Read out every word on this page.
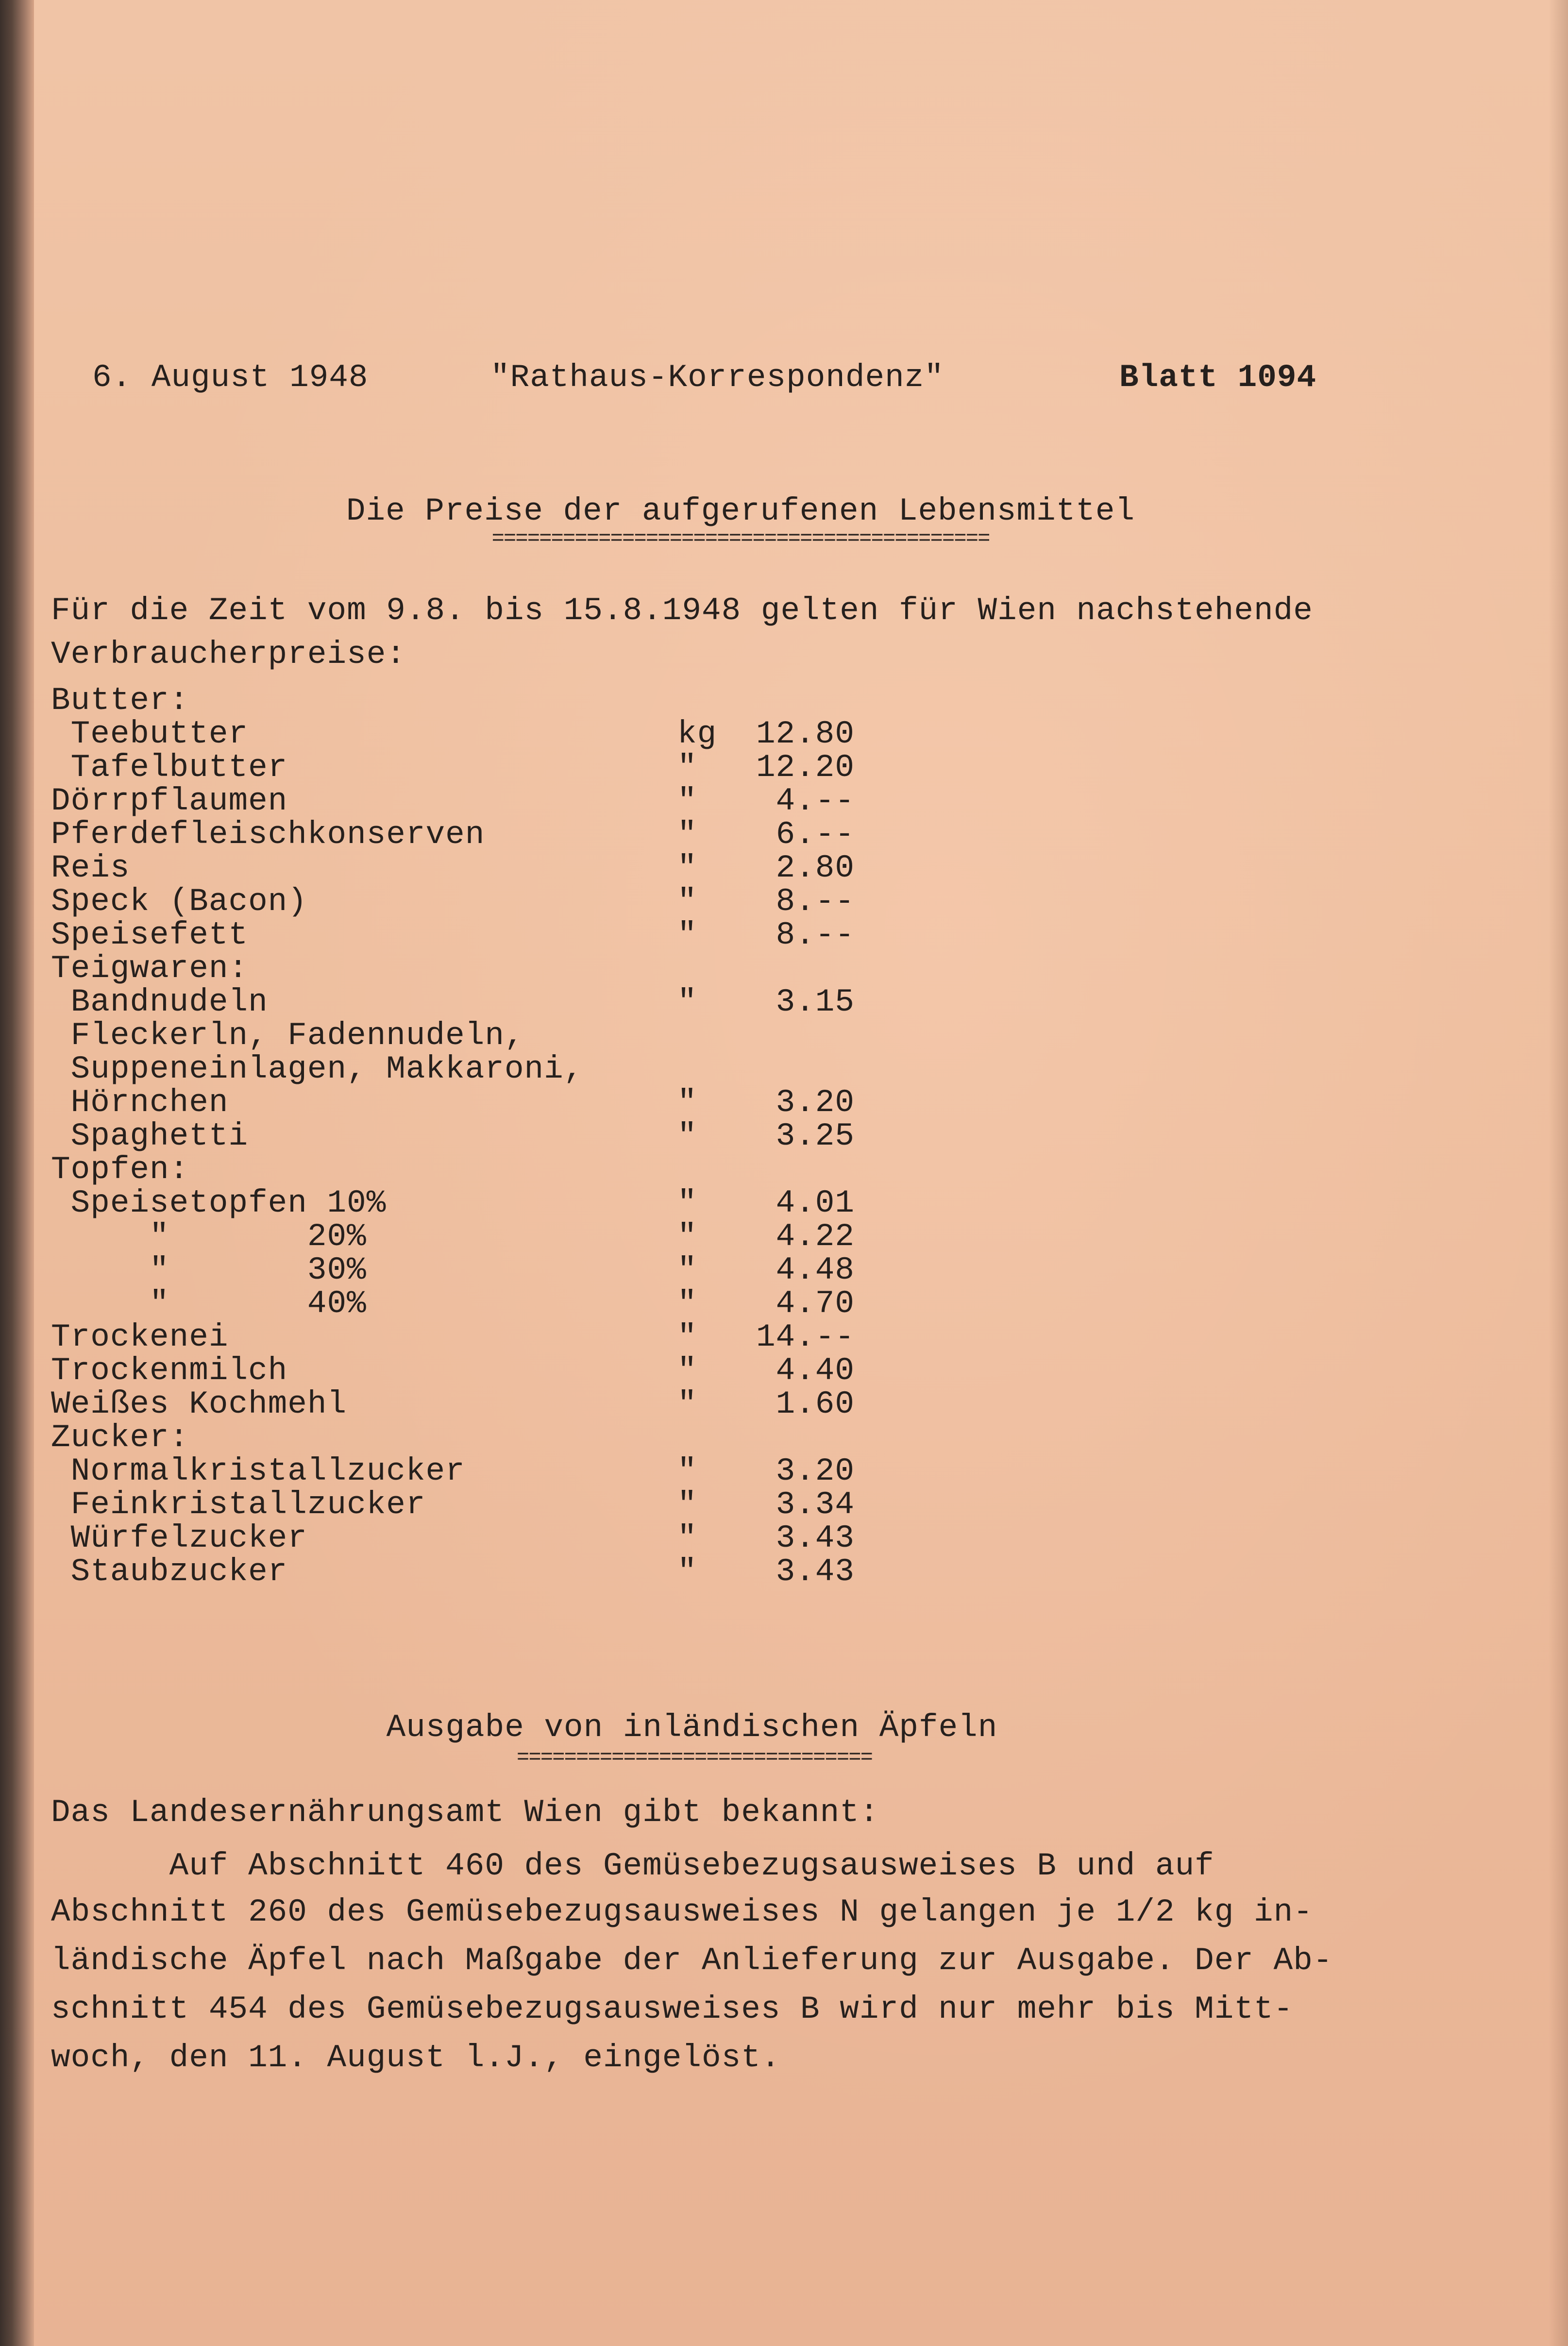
6. August 1948	"Rathaus-Korrespondenz"	Blatt 1094
Die Preise der aufgerufenen Lebensmittel
==========================================
Für die Zeit vom 9.8. bis 15.8.1948 gelten für Wien nachstehende
Verbraucherpreise:
Butter:
Teebutter	kg	12.80
Tafelbutter	"	12.20
Dörrpflaumen	"	4.--
Pferdefleischkonserven	"	6.--
Reis	"	2.80
Speck (Bacon)	"	8.--
Speisefett	"	8.--
Teigwaren:
Bandnudeln	"	3.15
Fleckerln, Fadennudeln,
Suppeneinlagen, Makkaroni,
Hörnchen	"	3.20
Spaghetti	"	3.25
Topfen:
Speisetopfen 10%	"	4.01
"       20%	"	4.22
"       30%	"	4.48
"       40%	"	4.70
Trockenei	"	14.--
Trockenmilch	"	4.40
Weißes Kochmehl	"	1.60
Zucker:
Normalkristallzucker	"	3.20
Feinkristallzucker	"	3.34
Würfelzucker	"	3.43
Staubzucker	"	3.43
Ausgabe von inländischen Äpfeln
==============================
Das Landesernährungsamt Wien gibt bekannt:
Auf Abschnitt 460 des Gemüsebezugsausweises B und auf
Abschnitt 260 des Gemüsebezugsausweises N gelangen je 1/2 kg in-
ländische Äpfel nach Maßgabe der Anlieferung zur Ausgabe. Der Ab-
schnitt 454 des Gemüsebezugsausweises B wird nur mehr bis Mitt-
woch, den 11. August l.J., eingelöst.
